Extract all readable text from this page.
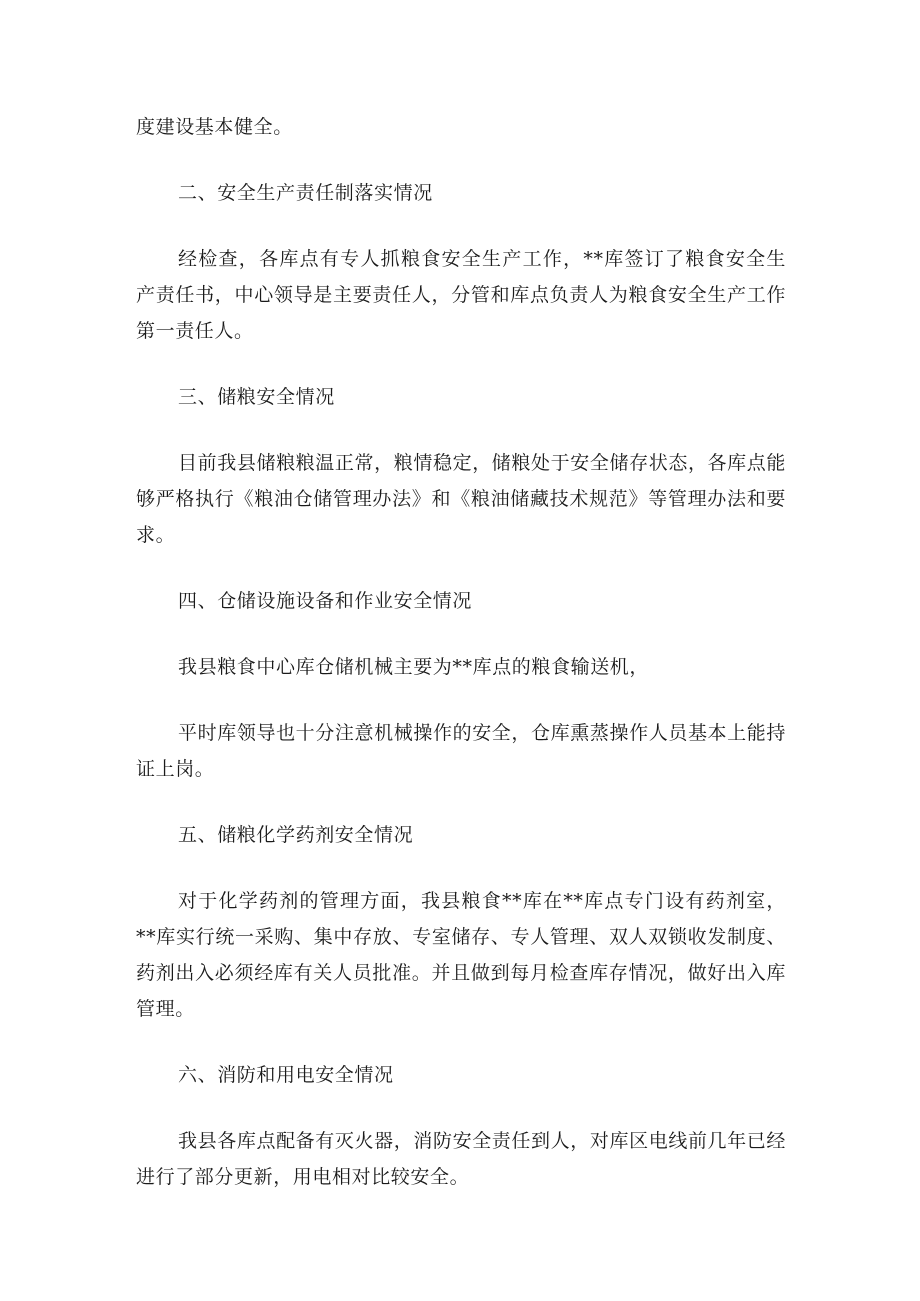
度建设基本健全。

二、安全生产责任制落实情况

经检查，各库点有专人抓粮食安全生产工作，**库签订了粮食安全生产责任书，中心领导是主要责任人，分管和库点负责人为粮食安全生产工作第一责任人。

三、储粮安全情况

目前我县储粮粮温正常，粮情稳定，储粮处于安全储存状态，各库点能够严格执行《粮油仓储管理办法》和《粮油储藏技术规范》等管理办法和要求。

四、仓储设施设备和作业安全情况

我县粮食中心库仓储机械主要为**库点的粮食输送机，

平时库领导也十分注意机械操作的安全，仓库熏蒸操作人员基本上能持证上岗。

五、储粮化学药剂安全情况

对于化学药剂的管理方面，我县粮食**库在**库点专门设有药剂室，**库实行统一采购、集中存放、专室储存、专人管理、双人双锁收发制度、药剂出入必须经库有关人员批准。并且做到每月检查库存情况，做好出入库管理。

六、消防和用电安全情况

我县各库点配备有灭火器，消防安全责任到人，对库区电线前几年已经进行了部分更新，用电相对比较安全。
